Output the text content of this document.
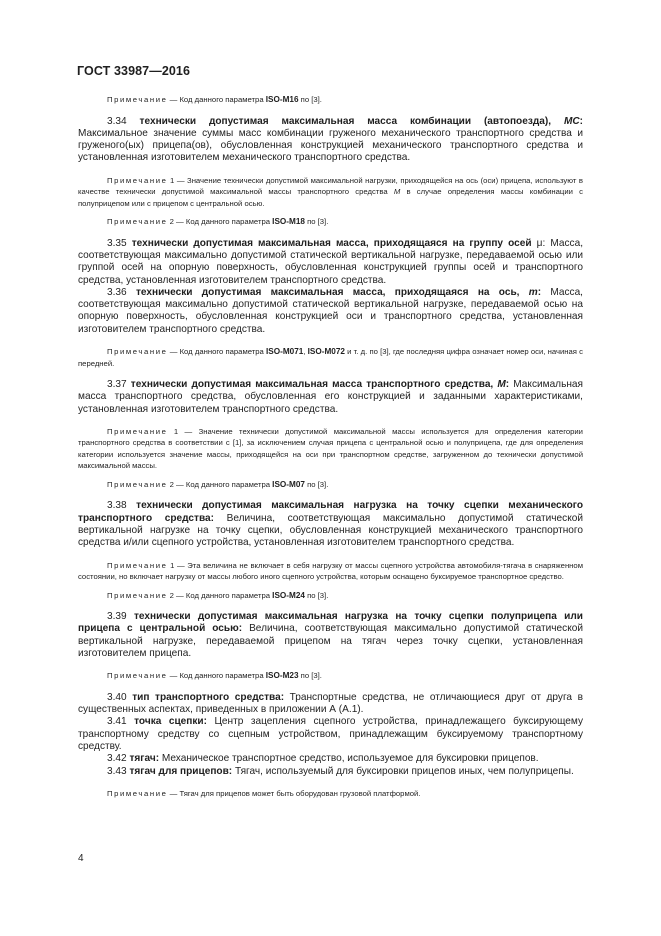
ГОСТ 33987—2016
Примечание — Код данного параметра ISO-M16 по [3].
3.34 технически допустимая максимальная масса комбинации (автопоезда), MC: Максимальное значение суммы масс комбинации груженого механического транспортного средства и груженого(ых) прицепа(ов), обусловленная конструкцией механического транспортного средства и установленная изготовителем механического транспортного средства.
Примечание 1 — Значение технически допустимой максимальной нагрузки, приходящейся на ось (оси) прицепа, используют в качестве технически допустимой максимальной массы транспортного средства M в случае определения массы комбинации с полуприцепом или с прицепом с центральной осью.
Примечание 2 — Код данного параметра ISO-M18 по [3].
3.35 технически допустимая максимальная масса, приходящаяся на группу осей μ: Масса, соответствующая максимально допустимой статической вертикальной нагрузке, передаваемой осью или группой осей на опорную поверхность, обусловленная конструкцией группы осей и транспортного средства, установленная изготовителем транспортного средства.
3.36 технически допустимая максимальная масса, приходящаяся на ось, m: Масса, соответствующая максимально допустимой статической вертикальной нагрузке, передаваемой осью на опорную поверхность, обусловленная конструкцией оси и транспортного средства, установленная изготовителем транспортного средства.
Примечание — Код данного параметра ISO-M071, ISO-M072 и т. д. по [3], где последняя цифра означает номер оси, начиная с передней.
3.37 технически допустимая максимальная масса транспортного средства, M: Максимальная масса транспортного средства, обусловленная его конструкцией и заданными характеристиками, установленная изготовителем транспортного средства.
Примечание 1 — Значение технически допустимой максимальной массы используется для определения категории транспортного средства в соответствии с [1], за исключением случая прицепа с центральной осью и полуприцепа, где для определения категории используется значение массы, приходящейся на оси при транспортном средстве, загруженном до технически допустимой максимальной массы.
Примечание 2 — Код данного параметра ISO-M07 по [3].
3.38 технически допустимая максимальная нагрузка на точку сцепки механического транспортного средства: Величина, соответствующая максимально допустимой статической вертикальной нагрузке на точку сцепки, обусловленная конструкцией механического транспортного средства и/или сцепного устройства, установленная изготовителем транспортного средства.
Примечание 1 — Эта величина не включает в себя нагрузку от массы сцепного устройства автомобиля-тягача в снаряженном состоянии, но включает нагрузку от массы любого иного сцепного устройства, которым оснащено буксируемое транспортное средство.
Примечание 2 — Код данного параметра ISO-M24 по [3].
3.39 технически допустимая максимальная нагрузка на точку сцепки полуприцепа или прицепа с центральной осью: Величина, соответствующая максимально допустимой статической вертикальной нагрузке, передаваемой прицепом на тягач через точку сцепки, установленная изготовителем прицепа.
Примечание — Код данного параметра ISO-M23 по [3].
3.40 тип транспортного средства: Транспортные средства, не отличающиеся друг от друга в существенных аспектах, приведенных в приложении А (А.1).
3.41 точка сцепки: Центр зацепления сцепного устройства, принадлежащего буксирующему транспортному средству со сцепным устройством, принадлежащим буксируемому транспортному средству.
3.42 тягач: Механическое транспортное средство, используемое для буксировки прицепов.
3.43 тягач для прицепов: Тягач, используемый для буксировки прицепов иных, чем полуприцепы.
Примечание — Тягач для прицепов может быть оборудован грузовой платформой.
4
